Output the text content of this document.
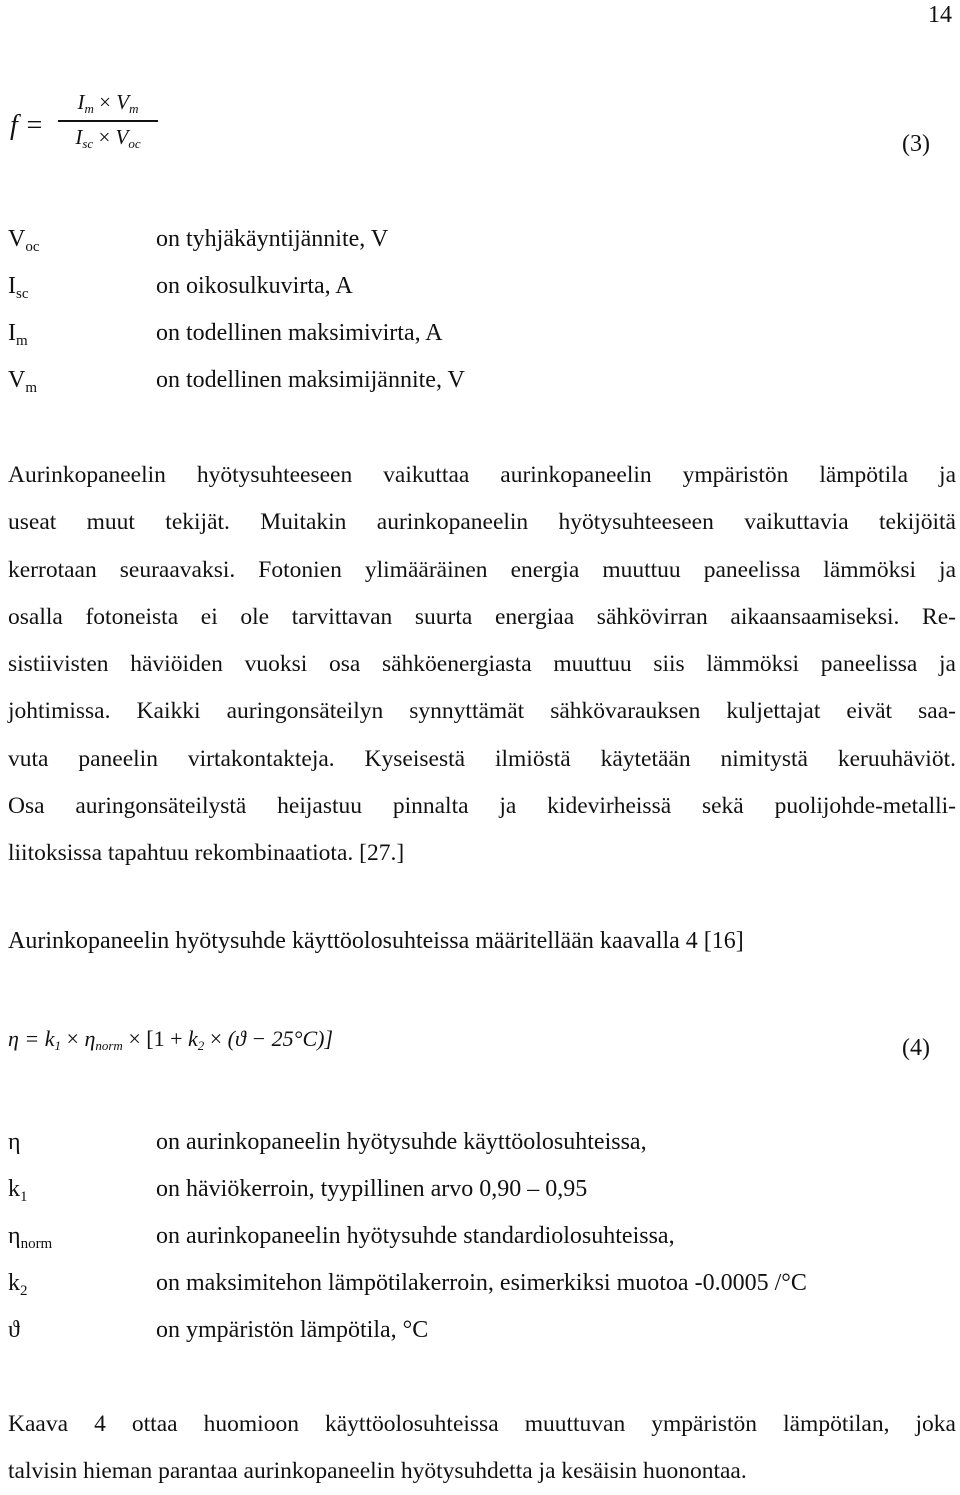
14
f =
$I_m \times V_m$
$I_{sc} \times V_{oc}$	(3)
$V_{oc}$	on tyhjäkäyntijännite, V
$I_{sc}$	on oikosulkuvirta, A
$I_m$	on todellinen maksimivirta, A
$V_m$	on todellinen maksimijännite, V
Aurinkopaneelin hyötysuhteeseen vaikuttaa aurinkopaneelin ympäristön lämpötila ja
useat muut tekijät. Muitakin aurinkopaneelin hyötysuhteeseen vaikuttavia tekijöitä
kerrotaan seuraavaksi. Fotonien ylimääräinen energia muuttuu paneelissa lämmöksi ja
osalla fotoneista ei ole tarvittavan suurta energiaa sähkövirran aikaansaamiseksi. Re-
sistiivisten häviöiden vuoksi osa sähköenergiasta muuttuu siis lämmöksi paneelissa ja
johtimissa. Kaikki auringonsäteilyn synnyttämät sähkövarauksen kuljettajat eivät saa-
vuta paneelin virtakontakteja. Kyseisestä ilmiöstä käytetään nimitystä keruuhäviöt.
Osa auringonsäteilystä heijastuu pinnalta ja kidevirheissä sekä puolijohde-metalli-
liitoksissa tapahtuu rekombinaatiota. [27.]
Aurinkopaneelin hyötysuhde käyttöolosuhteissa määritellään kaavalla 4 [16]
$\eta = k_1 \times \eta_{norm} \times [1 + k_2 \times (ϑ - 25^\circ C)]$	(4)
η	on aurinkopaneelin hyötysuhde käyttöolosuhteissa,
$k_1$	on häviökerroin, tyypillinen arvo 0,90 – 0,95
$\eta_{norm}$	on aurinkopaneelin hyötysuhde standardiolosuhteissa,
$k_2$	on maksimitehon lämpötilakerroin, esimerkiksi muotoa -0.0005 /°C
ϑ	on ympäristön lämpötila, °C
Kaava 4 ottaa huomioon käyttöolosuhteissa muuttuvan ympäristön lämpötilan, joka
talvisin hieman parantaa aurinkopaneelin hyötysuhdetta ja kesäisin huonontaa.
